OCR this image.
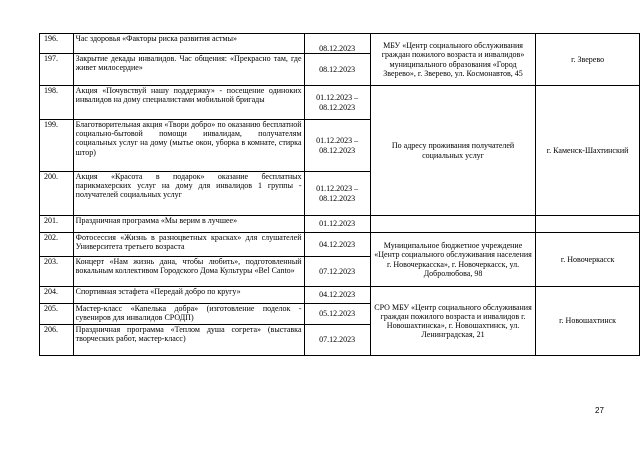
196.	Час здоровья «Факторы риска развития астмы»	08.12.2023	МБУ «Центр социального обслуживания граждан пожилого возраста и инвалидов» муниципального образования «Город Зверево», г. Зверево, ул. Космонавтов, 45	г. Зверево
197.	Закрытие декады инвалидов. Час общения: «Прекрасно там, где живет милосердие»	08.12.2023		
198.	Акция «Почувствуй нашу поддержку» - посещение одиноких инвалидов на дому специалистами мобильной бригады	01.12.2023 – 08.12.2023	По адресу проживания получателей социальных услуг	г. Каменск-Шахтинский
199.	Благотворительная акция «Твори добро» по оказанию бесплатной социально-бытовой помощи инвалидам, получателям социальных услуг на дому (мытье окон, уборка в комнате, стирка штор)	01.12.2023 – 08.12.2023		
200.	Акция «Красота в подарок» оказание бесплатных парикмахерских услуг на дому для инвалидов 1 группы - получателей социальных услуг	01.12.2023 – 08.12.2023		
201.	Праздничная программа «Мы верим в лучшее»	01.12.2023		
202.	Фотосессия «Жизнь в разноцветных красках» для слушателей Университета третьего возраста	04.12.2023	Муниципальное бюджетное учреждение «Центр социального обслуживания населения г. Новочеркасска», г. Новочеркасск, ул. Добролюбова, 98	г. Новочеркасск
203.	Концерт «Нам жизнь дана, чтобы любить», подготовленный вокальным коллективом Городского Дома Культуры «Bel Canto»	07.12.2023		
204.	Спортивная эстафета «Передай добро по кругу»	04.12.2023	СРО МБУ «Центр социального обслуживания граждан пожилого возраста и инвалидов г. Новошахтинска», г. Новошахтинск, ул. Ленинградская, 21	г. Новошахтинск
205.	Мастер-класс «Капелька добра» (изготовление поделок - сувениров для инвалидов СРОДП)	05.12.2023		
206.	Праздничная программа «Теплом душа согрета» (выставка творческих работ, мастер-класс)	07.12.2023		
27
